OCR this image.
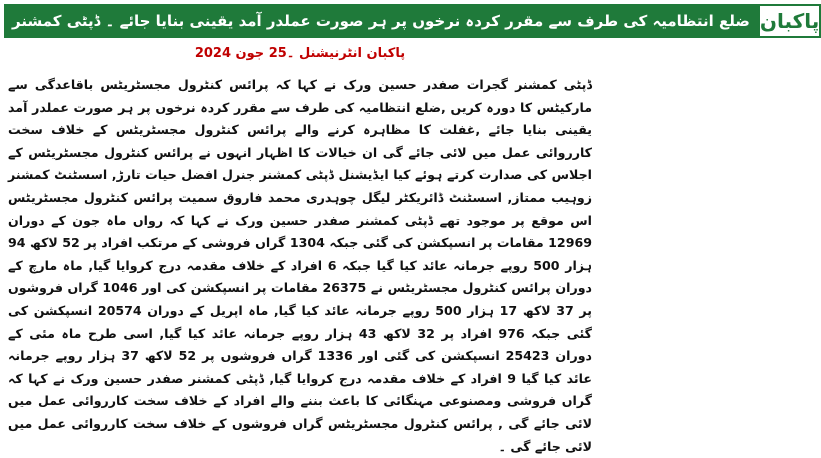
ضلع انتظامیہ کی طرف سے مقرر کردہ نرخوں پر ہر صورت عملدر آمد یقینی بنایا جائے ۔ ڈپٹی کمشنر پاکبان
پاکبان انٹرنیشنل ۔25 جون 2024
ڈپٹی کمشنر گجرات صفدر حسین ورک نے کہا کہ پرائس کنٹرول مجسٹریٹس باقاعدگی سے مارکیٹس کا دورہ کریں ,ضلع انتظامیہ کی طرف سے مقرر کردہ نرخوں پر ہر صورت عملدر آمد یقینی بنایا جائے ,غفلت کا مظاہرہ کرنے والے پرائس کنٹرول مجسٹریٹس کے خلاف سخت کارروائی عمل میں لائی جائے گی ان خیالات کا اظہار انہوں نے پرائس کنٹرول مجسٹریٹس کے اجلاس کی صدارت کرتے ہوئے کیا ایڈیشنل ڈپٹی کمشنر جنرل افضل حیات تارڑ, اسسٹنٹ کمشنر زوہیب ممتاز, اسسٹنٹ ڈائریکٹر لیگل چوہدری محمد فاروق سمیت پرائس کنٹرول مجسٹریٹس اس موقع پر موجود تھے ڈپٹی کمشنر صفدر حسین ورک نے کہا کہ رواں ماہ جون کے دوران 12969 مقامات پر انسپکشن کی گئی جبکہ 1304 گراں فروشی کے مرتکب افراد پر 52 لاکھ 94 ہزار 500 روپے جرمانہ عائد کیا گیا جبکہ 6 افراد کے خلاف مقدمہ درج کروایا گیا, ماہ مارچ کے دوران پرائس کنٹرول مجسٹریٹس نے 26375 مقامات پر انسپکشن کی اور 1046 گراں فروشوں پر 37 لاکھ 17 ہزار 500 روپے جرمانہ عائد کیا گیا, ماہ اپریل کے دوران 20574 انسپکشن کی گئی جبکہ 976 افراد پر 32 لاکھ 43 ہزار روپے جرمانہ عائد کیا گیا, اسی طرح ماہ مئی کے دوران 25423 انسپکشن کی گئی اور 1336 گراں فروشوں پر 52 لاکھ 37 ہزار روپے جرمانہ عائد کیا گیا 9 افراد کے خلاف مقدمہ درج کروایا گیا, ڈپٹی کمشنر صفدر حسین ورک نے کہا کہ گراں فروشی ومصنوعی مہنگائی کا باعث بننے والے افراد کے خلاف سخت کارروائی عمل میں لائی جائے گی , پرائس کنٹرول مجسٹریٹس گراں فروشوں کے خلاف سخت کارروائی عمل میں لائی جائے گی ۔
